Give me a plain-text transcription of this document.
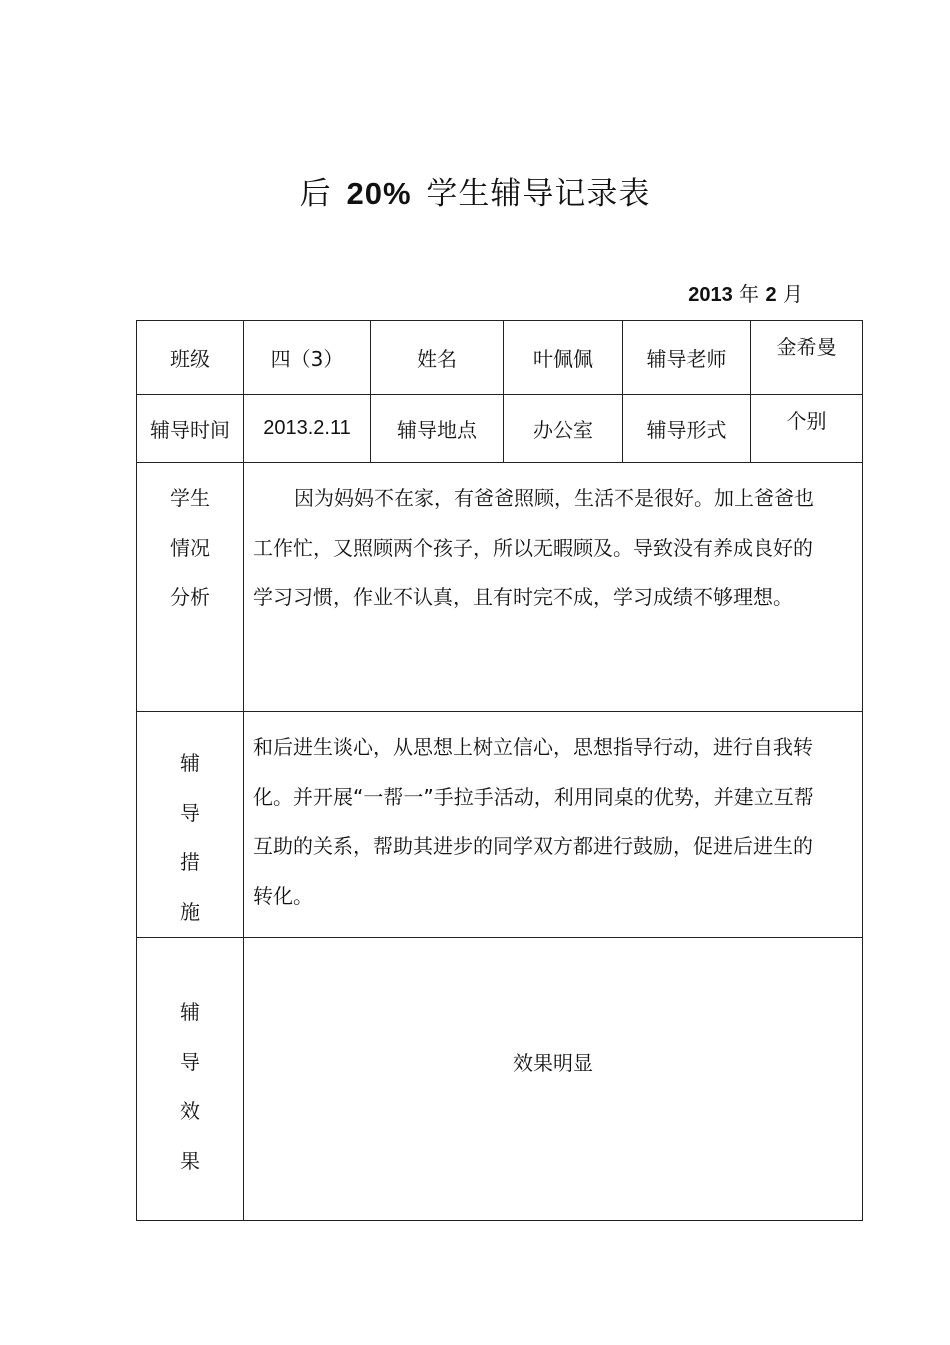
后 20% 学生辅导记录表
2013 年 2 月
班级	四（3）	姓名	叶佩佩	辅导老师	金希曼
辅导时间	2013.2.11	辅导地点	办公室	辅导形式	个别

学生
情况
分析	因为妈妈不在家，有爸爸照顾，生活不是很好。加上爸爸也工作忙，又照顾两个孩子，所以无暇顾及。导致没有养成良好的学习习惯，作业不认真，且有时完不成，学习成绩不够理想。				

辅
导
措
施	和后进生谈心，从思想上树立信心，思想指导行动，进行自我转化。并开展“一帮一”手拉手活动，利用同桌的优势，并建立互帮互助的关系，帮助其进步的同学双方都进行鼓励，促进后进生的转化。				

辅
导
效
果	效果明显				
